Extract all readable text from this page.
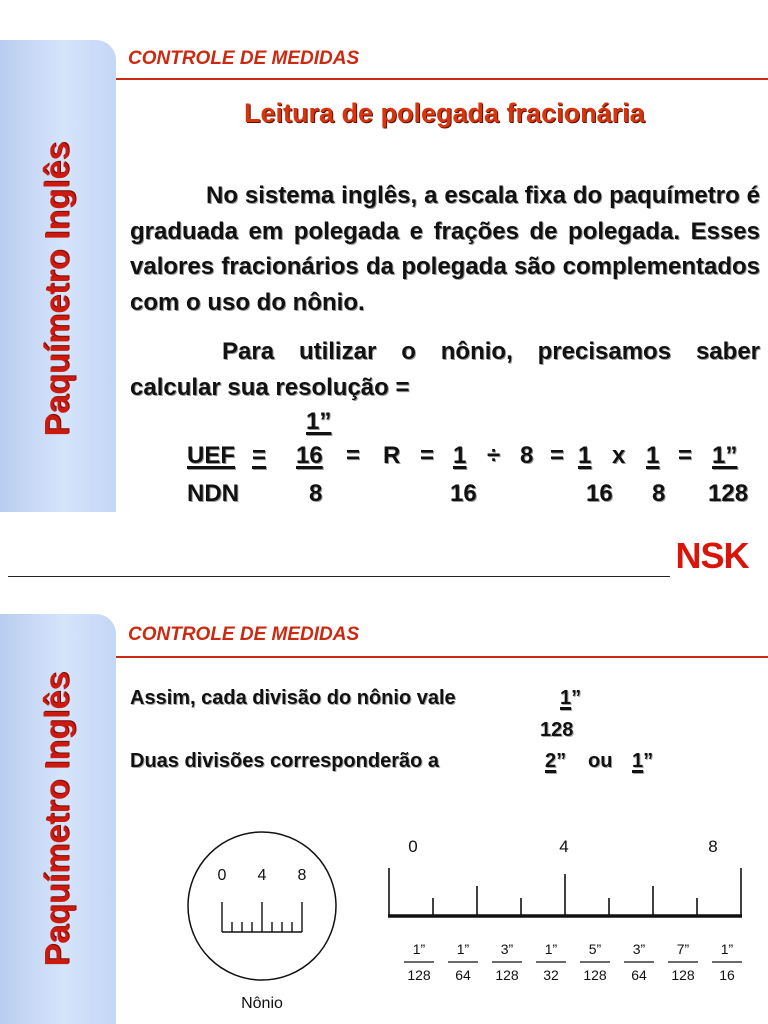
Paquímetro Inglês
CONTROLE DE MEDIDAS
Leitura de polegada fracionária
No sistema inglês, a escala fixa do paquímetro é graduada em polegada e frações de polegada. Esses valores fracionários da polegada são complementados com o uso do nônio.
Para utilizar o nônio, precisamos saber calcular sua resolução =
1”
UEF = 16 = R = 1 ÷ 8 = 1 x 1 = 1”
NDN	8	16	16 8 128
NSK
Paquímetro Inglês
CONTROLE DE MEDIDAS
Assim, cada divisão do nônio vale	1”
128
Duas divisões corresponderão a	2” ou 1”
0 4 8
Nônio
0	4	8
1”
128
1”
64
3”
128
1”
32
5”
128
3”
64
7”
128
1”
16
